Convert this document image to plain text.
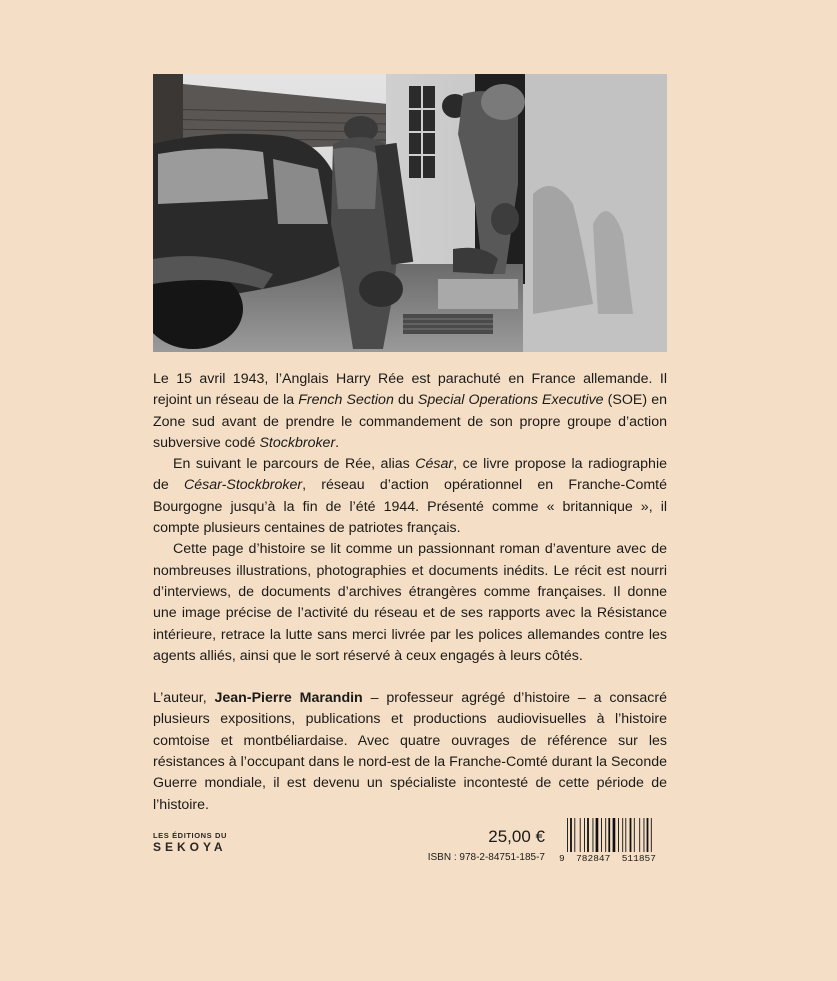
Le 15 avril 1943, l’Anglais Harry Rée est parachuté en France allemande. Il rejoint un réseau de la French Section du Special Operations Executive (SOE) en Zone sud avant de prendre le commandement de son propre groupe d’action subversive codé Stockbroker.

En suivant le parcours de Rée, alias César, ce livre propose la radiographie de César-Stockbroker, réseau d’action opérationnel en Franche-Comté Bourgogne jusqu’à la fin de l’été 1944. Présenté comme « britannique », il compte plusieurs centaines de patriotes français.

Cette page d’histoire se lit comme un passionnant roman d’aventure avec de nombreuses illustrations, photographies et documents inédits. Le récit est nourri d’interviews, de documents d’archives étrangères comme françaises. Il donne une image précise de l’activité du réseau et de ses rapports avec la Résistance intérieure, retrace la lutte sans merci livrée par les polices allemandes contre les agents alliés, ainsi que le sort réservé à ceux engagés à leurs côtés.

L’auteur, Jean-Pierre Marandin – professeur agrégé d’histoire – a consacré plusieurs expositions, publications et productions audiovisuelles à l’histoire comtoise et montbéliardaise. Avec quatre ouvrages de référence sur les résistances à l’occupant dans le nord-est de la Franche-Comté durant la Seconde Guerre mondiale, il est devenu un spécialiste incontesté de cette période de l’histoire.

LES ÉDITIONS DU
SEKOYA
25,00 €
ISBN : 978-2-84751-185-7 9  782847  511857
